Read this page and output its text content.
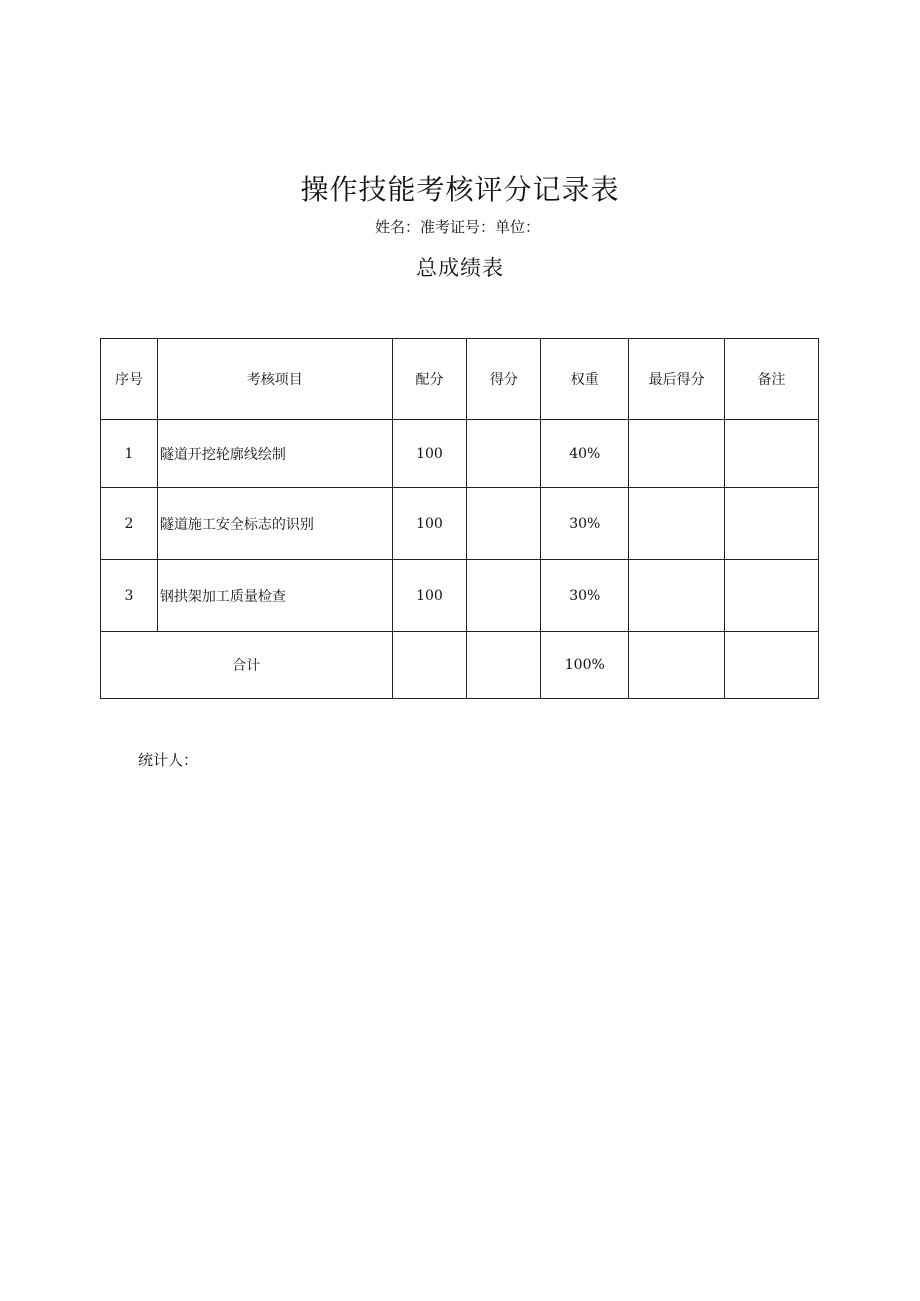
操作技能考核评分记录表
姓名：准考证号：单位：
总成绩表
序号	考核项目	配分	得分	权重	最后得分	备注
1	隧道开挖轮廓线绘制	100		40%		
2	隧道施工安全标志的识别	100		30%		
3	钢拱架加工质量检查	100		30%		
合计				100%		
统计人：
